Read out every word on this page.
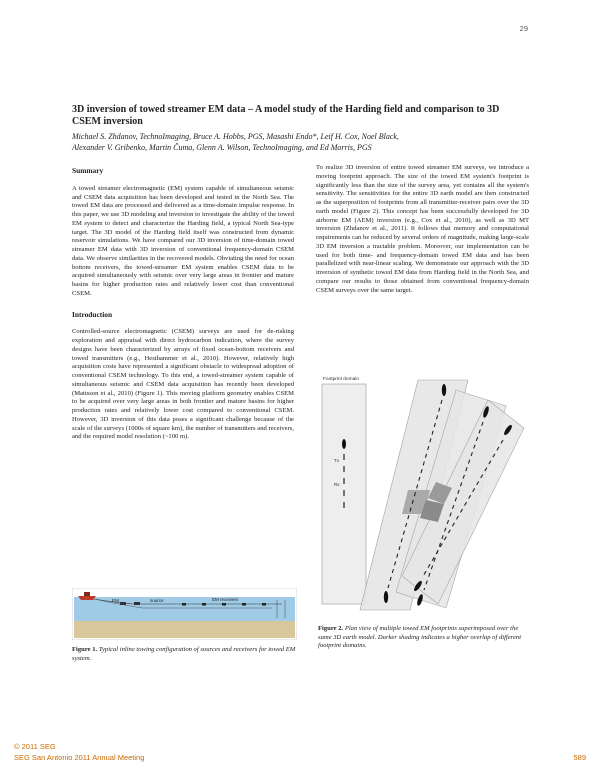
29
3D inversion of towed streamer EM data – A model study of the Harding field and comparison to 3D CSEM inversion
Michael S. Zhdanov, TechnoImaging, Bruce A. Hobbs, PGS, Masashi Endo*, Leif H. Cox, Noel Black,
Alexander V. Gribenko, Martin Čuma, Glenn A. Wilson, TechnoImaging, and Ed Morris, PGS
Summary

A towed streamer electromagnetic (EM) system capable of simultaneous seismic and CSEM data acquisition has been developed and tested in the North Sea. The towed EM data are processed and delivered as a time-domain impulse response. In this paper, we use 3D modeling and inversion to investigate the ability of the towed EM system to detect and characterize the Harding field, a typical North Sea-type target. The 3D model of the Harding field itself was constructed from dynamic reservoir simulations. We have compared our 3D inversion of time-domain towed streamer EM data with 3D inversion of conventional frequency-domain CSEM data. We observe similarities in the recovered models. Obviating the need for ocean bottom receivers, the towed-streamer EM system enables CSEM data to be acquired simultaneously with seismic over very large areas in frontier and mature basins for higher production rates and relatively lower cost than conventional CSEM.

Introduction

Controlled-source electromagnetic (CSEM) surveys are used for de-risking exploration and appraisal with direct hydrocarbon indication, where the survey designs have been characterized by arrays of fixed ocean-bottom receivers and towed transmitters (e.g., Hesthammer et al., 2010). However, relatively high acquisition costs have represented a significant obstacle to widespread adoption of conventional CSEM technology. To this end, a towed-streamer system capable of simultaneous seismic and CSEM data acquisition has recently been developed (Mattsson et al., 2010) (Figure 1). This moving platform geometry enables CSEM to be acquired over very large areas in both frontier and mature basins for higher production rates and relatively lower cost compared to conventional CSEM. However, 3D inversion of this data poses a significant challenge because of the scale of the surveys (1000s of square km), the number of transmitters and receivers, and the required model resolution (~100 m).

EM	source	EM receivers
Figure 1. Typical inline towing configuration of sources and receivers for towed EM system.

To realize 3D inversion of entire towed streamer EM surveys, we introduce a moving footprint approach. The size of the towed EM system's footprint is significantly less than the size of the survey area, yet contains all the system's sensitivity. The sensitivities for the entire 3D earth model are then constructed as the superposition of footprints from all transmitter-receiver pairs over the 3D earth model (Figure 2). This concept has been successfully developed for 3D airborne EM (AEM) inversion (e.g., Cox et al., 2010), as well as 3D MT inversion (Zhdanov et al., 2011). It follows that memory and computational requirements can be reduced by several orders of magnitude, making large-scale 3D EM inversion a tractable problem. Moreover, our implementation can be used for both time- and frequency-domain towed EM data and has been parallelized with near-linear scaling. We demonstrate our approach with the 3D inversion of synthetic towed EM data from Harding field in the North Sea, and compare our results to those obtained from conventional frequency-domain CSEM surveys over the same target.

Footprint domain
Tx
Rx
Figure 2. Plan view of multiple towed EM footprints superimposed over the same 3D earth model. Darker shading indicates a higher overlap of different footprint domains.
© 2011 SEG
SEG San Antonio 2011 Annual Meeting	589
